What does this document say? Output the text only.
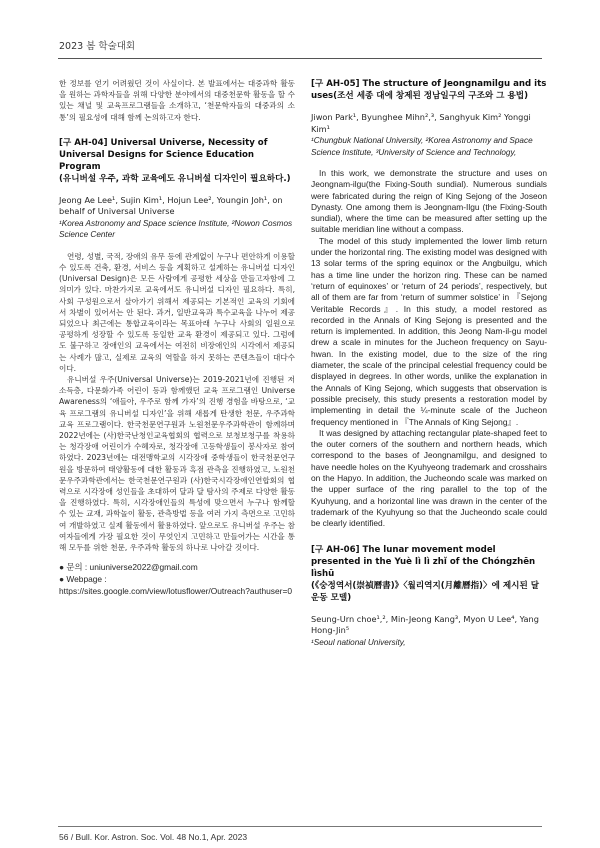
2023 봄 학술대회

한 정보를 얻기 어려웠던 것이 사실이다. 본 발표에서는 대중과학 활동을 원하는 과학자들을 위해 다양한 분야에서의 대중천문학 활동을 할 수 있는 채널 및 교육프로그램들을 소개하고, ‘천문학자들의 대중과의 소통’의 필요성에 대해 함께 논의하고자 한다.

[구 AH-04] Universal Universe, Necessity of Universal Designs for Science Education Program

(유니버설 우주, 과학 교육에도 유니버설 디자인이 필요하다.)

Jeong Ae Lee¹, Sujin Kim¹, Hojun Lee², Youngin Joh¹, on behalf of Universal Universe
¹Korea Astronomy and Space science Institute, ²Nowon Cosmos Science Center

연령, 성별, 국적, 장애의 유무 등에 관계없이 누구나 편안하게 이용할 수 있도록 건축, 환경, 서비스 등을 계획하고 설계하는 유니버설 디자인(Universal Design)은 모든 사람에게 공평한 세상을 만들고자함에 그 의미가 있다. 마찬가지로 교육에서도 유니버설 디자인 필요하다. 특히, 사회 구성원으로서 살아가기 위해서 제공되는 기본적인 교육의 기회에서 차별이 있어서는 안 된다. 과거, 일반교육과 특수교육을 나누어 제공되었으나 최근에는 통합교육이라는 목표아래 누구나 사회의 일원으로 공평하게 성장할 수 있도록 동일한 교육 환경이 제공되고 있다. 그럼에도 불구하고 장애인의 교육에서는 여전히 비장애인의 시각에서 제공되는 사례가 많고, 실제로 교육의 역할을 하지 못하는 콘텐츠들이 대다수이다.

유니버설 우주(Universal Universe)는 2019-2021년에 진행된 저소득층, 다문화가족 어린이 등과 함께했던 교육 프로그램인 Universe Awareness의 ‘애들아, 우주로 함께 가자’의 진행 경험을 바탕으로, ‘교육 프로그램의 유니버설 디자인’을 위해 새롭게 탄생한 천문, 우주과학 교육 프로그램이다. 한국천문연구원과 노원천문우주과학관이 함께하며 2022년에는 (사)한국난청인교육협회의 협력으로 보청보청구를 착용하는 청각장애 어린이가 수혜자로, 청각장애 고등학생들이 봉사자로 참여하였다. 2023년에는 대전맹학교의 시각장애 중학생들이 한국천문연구원을 방문하여 태양활동에 대한 활동과 흑점 관측을 진행하였고, 노원천문우주과학관에서는 한국천문연구원과 (사)한국시각장애인연합회의 협력으로 시각장애 성인들을 초대하여 달과 달 탐사의 주제로 다양한 활동을 진행하였다. 특히, 시각장애인들의 특성에 맞으면서 누구나 함께할 수 있는 교재, 과학놀이 활동, 관측방법 등을 여러 가지 측면으로 고민하여 개발하였고 실제 활동에서 활용하였다. 앞으로도 유니버설 우주는 참여자들에게 가장 필요한 것이 무엇인지 고민하고 만들어가는 시간을 통해 모두를 위한 천문, 우주과학 활동의 하나로 나아갈 것이다.

● 문의 : uniuniverse2022@gmail.com
● Webpage :
https://sites.google.com/view/lotusflower/Outreach?authuser=0

[구 AH-05] The structure of Jeongnamilgu and its uses(조선 세종 대에 창제된 정남일구의 구조와 그 용법)

Jiwon Park¹, Byunghee Mihn²,³, Sanghyuk Kim² Yonggi Kim¹
¹Chungbuk National University, ²Korea Astronomy and Space Science Institute, ³University of Science and Technology,

In this work, we demonstrate the structure and uses on Jeongnam-ilgu(the Fixing-South sundial). Numerous sundials were fabricated during the reign of King Sejong of the Joseon Dynasty. One among them is Jeongnam-Ilgu (the Fixing-South sundial), where the time can be measured after setting up the suitable meridian line without a compass.

The model of this study implemented the lower limb return under the horizontal ring. The existing model was designed with 13 solar terms of the spring equinox or the Angbuilgu, which has a time line under the horizon ring. These can be named ‘return of equinoxes’ or ‘return of 24 periods’, respectively, but all of them are far from ‘return of summer solstice’ in 『Sejong Veritable Records』. In this study, a model restored as recorded in the Annals of King Sejong is presented and the return is implemented. In addition, this Jeong Nam-il-gu model drew a scale in minutes for the Jucheon frequency on Sayu-hwan. In the existing model, due to the size of the ring diameter, the scale of the principal celestial frequency could be displayed in degrees. In other words, unlike the explanation in the Annals of King Sejong, which suggests that observation is possible precisely, this study presents a restoration model by implementing in detail the ¼-minute scale of the Jucheon frequency mentioned in 『The Annals of King Sejong』.

It was designed by attaching rectangular plate-shaped feet to the outer corners of the southern and northern heads, which correspond to the bases of Jeongnamilgu, and designed to have needle holes on the Kyuhyeong trademark and crosshairs on the Hapyo. In addition, the Jucheondo scale was marked on the upper surface of the ring parallel to the top of the Kyuhyung, and a horizontal line was drawn in the center of the trademark of the Kyuhyung so that the Jucheondo scale could be clearly identified.

[구 AH-06] The lunar movement model presented in the Yuè lì lì zhǐ of the Chóngzhēn lìshū

(《숭정역서(崇禎曆書)》〈월리역지(月離曆指)〉에 제시된 달 운동 모델)

Seung-Urn choe¹,², Min-Jeong Kang³, Myon U Lee⁴, Yang Hong-Jin⁵
¹Seoul national University,
56 / Bull. Kor. Astron. Soc. Vol. 48 No.1, Apr. 2023
